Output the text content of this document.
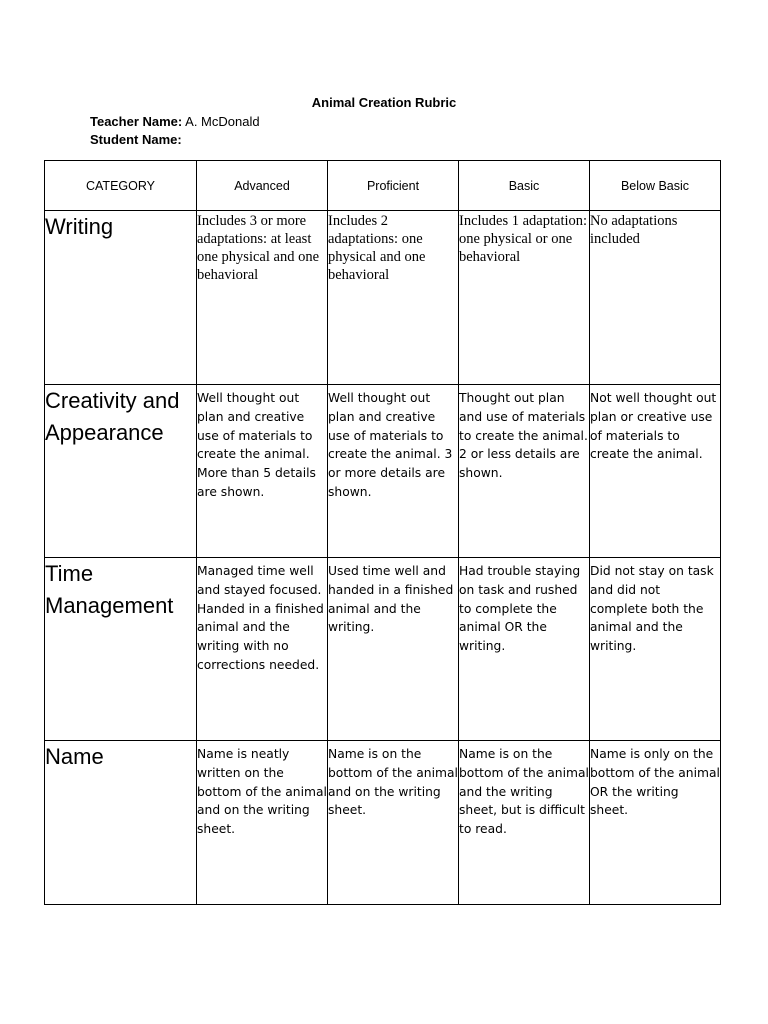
Animal Creation Rubric
Teacher Name: A. McDonald
Student Name:
CATEGORY	Advanced	Proficient	Basic	Below Basic
Writing	Includes 3 or more adaptations: at least one physical and one behavioral	Includes 2 adaptations: one physical and one behavioral	Includes 1 adaptation: one physical or one behavioral	No adaptations included

Creativity and Appearance	Well thought out plan and creative use of materials to create the animal. More than 5 details are shown.	Well thought out plan and creative use of materials to create the animal. 3 or more details are shown.	Thought out plan and use of materials to create the animal. 2 or less details are shown.	Not well thought out plan or creative use of materials to create the animal.

Time Management	Managed time well and stayed focused. Handed in a finished animal and the writing with no corrections needed.	Used time well and handed in a finished animal and the writing.	Had trouble staying on task and rushed to complete the animal OR the writing.	Did not stay on task and did not complete both the animal and the writing.

Name	Name is neatly written on the bottom of the animal and on the writing sheet.	Name is on the bottom of the animal and on the writing sheet.	Name is on the bottom of the animal and the writing sheet, but is difficult to read.	Name is only on the bottom of the animal OR the writing sheet.
